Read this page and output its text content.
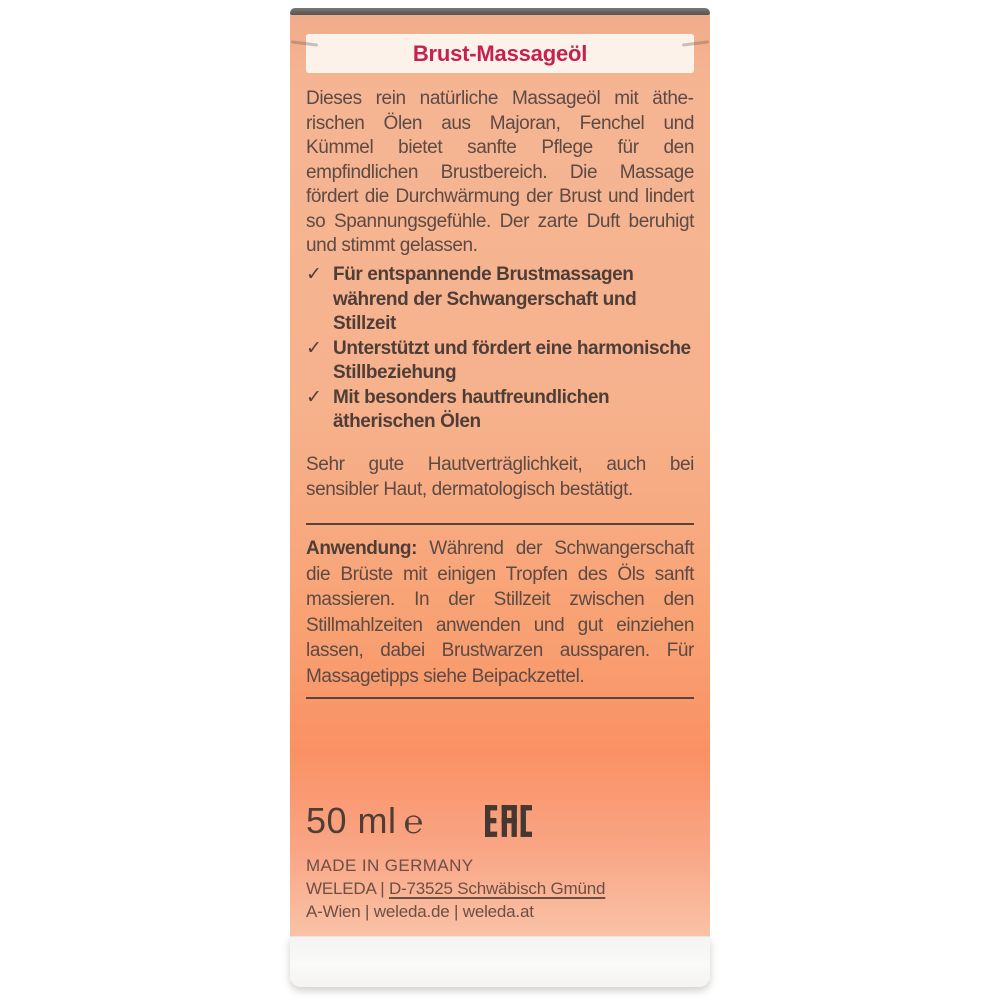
Brust-Massageöl

Dieses rein natürliche Massageöl mit ätherischen Ölen aus Majoran, Fenchel und Kümmel bietet sanfte Pflege für den empfindlichen Brustbereich. Die Massage fördert die Durchwärmung der Brust und lindert so Spannungsgefühle. Der zarte Duft beruhigt und stimmt gelassen.

✓ Für entspannende Brustmassagen während der Schwangerschaft und Stillzeit
✓ Unterstützt und fördert eine harmonische Stillbeziehung
✓ Mit besonders hautfreundlichen ätherischen Ölen

Sehr gute Hautverträglichkeit, auch bei sensibler Haut, dermatologisch bestätigt.

Anwendung: Während der Schwangerschaft die Brüste mit einigen Tropfen des Öls sanft massieren. In der Stillzeit zwischen den Stillmahlzeiten anwenden und gut einziehen lassen, dabei Brustwarzen aussparen. Für Massagetipps siehe Beipackzettel.

50 ml ℮
MADE IN GERMANY
WELEDA | D-73525 Schwäbisch Gmünd
A-Wien | weleda.de | weleda.at
